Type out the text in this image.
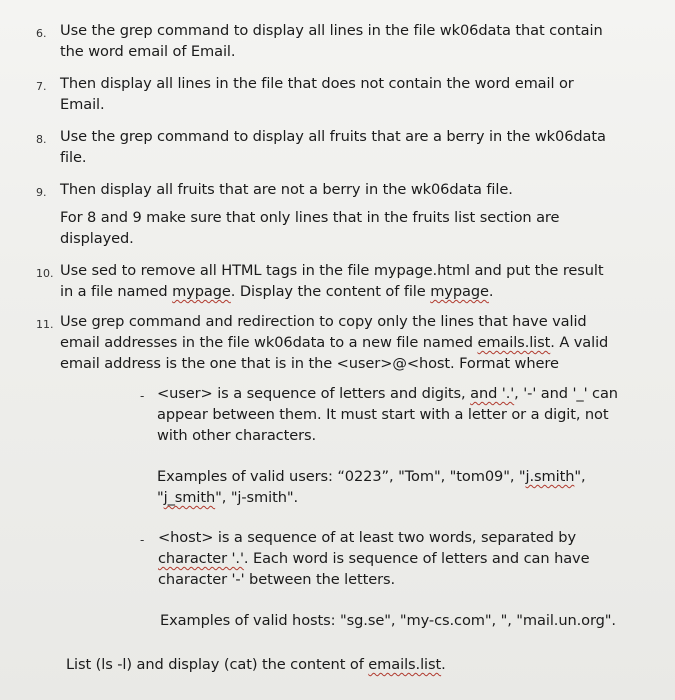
6. Use the grep command to display all lines in the file wk06data that contain
the word email of Email.
7. Then display all lines in the file that does not contain the word email or
Email.
8. Use the grep command to display all fruits that are a berry in the wk06data
file.
9. Then display all fruits that are not a berry in the wk06data file.
For 8 and 9 make sure that only lines that in the fruits list section are
displayed.
10. Use sed to remove all HTML tags in the file mypage.html and put the result
in a file named mypage. Display the content of file mypage.
11. Use grep command and redirection to copy only the lines that have valid
email addresses in the file wk06data to a new file named emails.list. A valid
email address is the one that is in the <user>@<host. Format where
- <user> is a sequence of letters and digits, and '.', '-' and '_' can
appear between them. It must start with a letter or a digit, not
with other characters.
Examples of valid users: “0223”, "Tom", "tom09", "j.smith",
"j_smith", "j-smith".
- <host> is a sequence of at least two words, separated by
character '.'. Each word is sequence of letters and can have
character '-' between the letters.
Examples of valid hosts: "sg.se", "my-cs.com", ", "mail.un.org".
List (ls -l) and display (cat) the content of emails.list.
